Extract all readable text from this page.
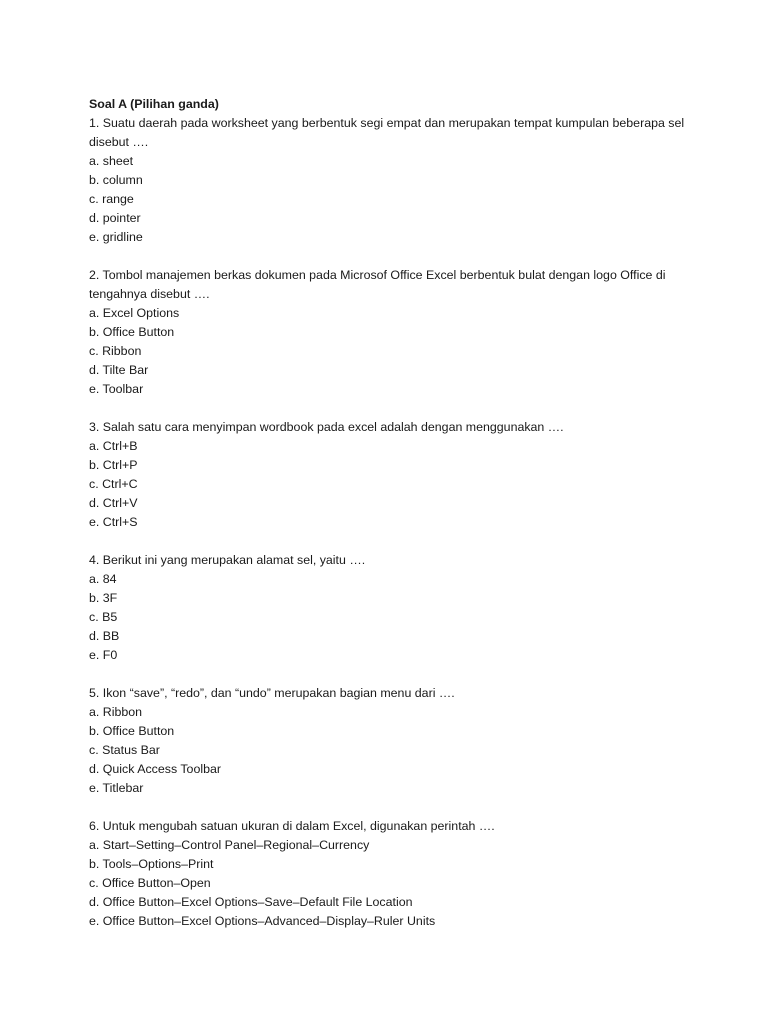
Soal A (Pilihan ganda)
1. Suatu daerah pada worksheet yang berbentuk segi empat dan merupakan tempat kumpulan beberapa sel disebut ….
a. sheet
b. column
c. range
d. pointer
e. gridline
2. Tombol manajemen berkas dokumen pada Microsof Office Excel berbentuk bulat dengan logo Office di tengahnya disebut ….
a. Excel Options
b. Office Button
c. Ribbon
d. Tilte Bar
e. Toolbar
3. Salah satu cara menyimpan wordbook pada excel adalah dengan menggunakan ….
a. Ctrl+B
b. Ctrl+P
c. Ctrl+C
d. Ctrl+V
e. Ctrl+S
4. Berikut ini yang merupakan alamat sel, yaitu ….
a. 84
b. 3F
c. B5
d. BB
e. F0
5. Ikon “save”, “redo”, dan “undo” merupakan bagian menu dari ….
a. Ribbon
b. Office Button
c. Status Bar
d. Quick Access Toolbar
e. Titlebar
6. Untuk mengubah satuan ukuran di dalam Excel, digunakan perintah ….
a. Start–Setting–Control Panel–Regional–Currency
b. Tools–Options–Print
c. Office Button–Open
d. Office Button–Excel Options–Save–Default File Location
e. Office Button–Excel Options–Advanced–Display–Ruler Units
